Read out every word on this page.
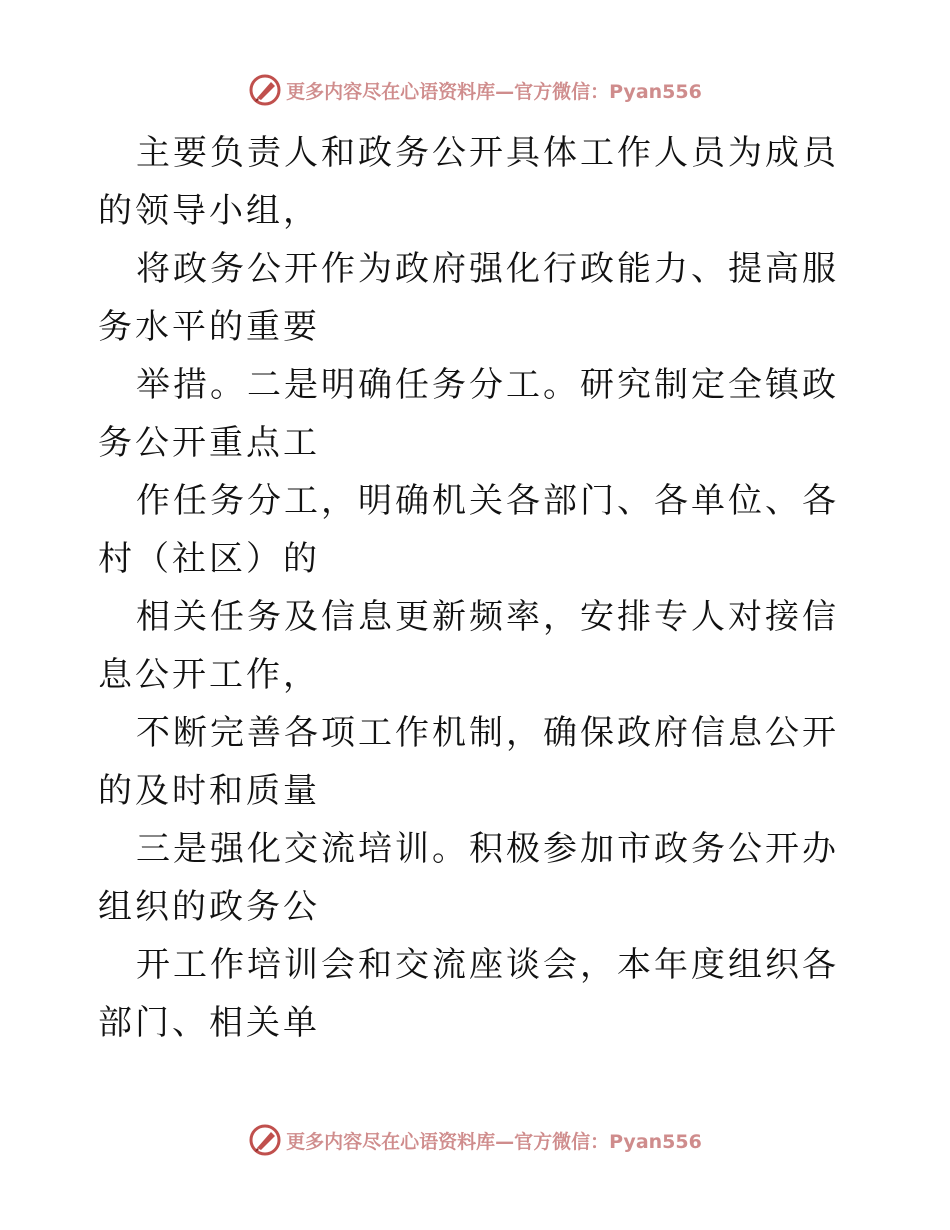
更多内容尽在心语资料库—官方微信：Pyan556

主要负责人和政务公开具体工作人员为成员的领导小组，

将政务公开作为政府强化行政能力、提高服务水平的重要

举措。二是明确任务分工。研究制定全镇政务公开重点工

作任务分工，明确机关各部门、各单位、各村（社区）的

相关任务及信息更新频率，安排专人对接信息公开工作，

不断完善各项工作机制，确保政府信息公开的及时和质量

三是强化交流培训。积极参加市政务公开办组织的政务公

开工作培训会和交流座谈会，本年度组织各部门、相关单

更多内容尽在心语资料库—官方微信：Pyan556
